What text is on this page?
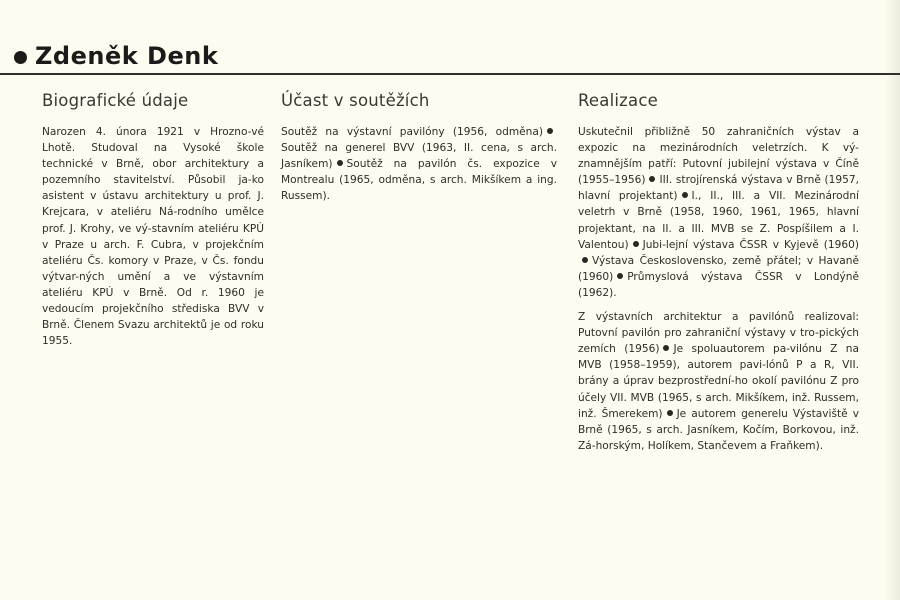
Zdeněk Denk
Biografické údaje

Narozen 4. února 1921 v Hrozno-vé Lhotě. Studoval na Vysoké škole technické v Brně, obor architektury a pozemního stavitelství. Působil ja-ko asistent v ústavu architektury u prof. J. Krejcara, v ateliéru Ná-rodního umělce prof. J. Krohy, ve vý-stavním ateliéru KPÚ v Praze u arch. F. Cubra, v projekčním ateliéru Čs. komory v Praze, v Čs. fondu výtvar-ných umění a ve výstavním ateliéru KPÚ v Brně. Od r. 1960 je vedoucím projekčního střediska BVV v Brně. Členem Svazu architektů je od roku 1955.

Účast v soutěžích

Soutěž na výstavní pavilóny (1956, odměna)Soutěž na generel BVV (1963, II. cena, s arch. Jasníkem) Soutěž na pavilón čs. expozice v Montrealu (1965, odměna, s arch. Mikšíkem a ing. Russem).

Realizace

Uskutečnil přibližně 50 zahraničních výstav a expozic na mezinárodních veletrzích. K vý-znamnějším patří: Putovní jubilejní výstava v Číně (1955–1956) III. strojírenská výstava v Brně (1957, hlavní projektant) I., II., III. a VII. Mezinárodní veletrh v Brně (1958, 1960, 1961, 1965, hlavní projektant, na II. a III. MVB se Z. Pospíšilem a I. Valentou) Jubi-lejní výstava ČSSR v Kyjevě (1960)Výstava Československo, země přátel; v Havaně (1960) Průmyslová výstava ČSSR v Londýně (1962).

Z výstavních architektur a pavilónů realizoval: Putovní pavilón pro zahraniční výstavy v tro-pických zemích (1956) Je spoluautorem pa-vilónu Z na MVB (1958–1959), autorem pavi-lónů P a R, VII. brány a úprav bezprostřední-ho okolí pavilónu Z pro účely VII. MVB (1965, s arch. Mikšíkem, inž. Russem, inž. Šmerekem) Je autorem generelu Výstaviště v Brně (1965, s arch. Jasníkem, Kočím, Borkovou, inž. Zá-horským, Holíkem, Stančevem a Fraňkem).
